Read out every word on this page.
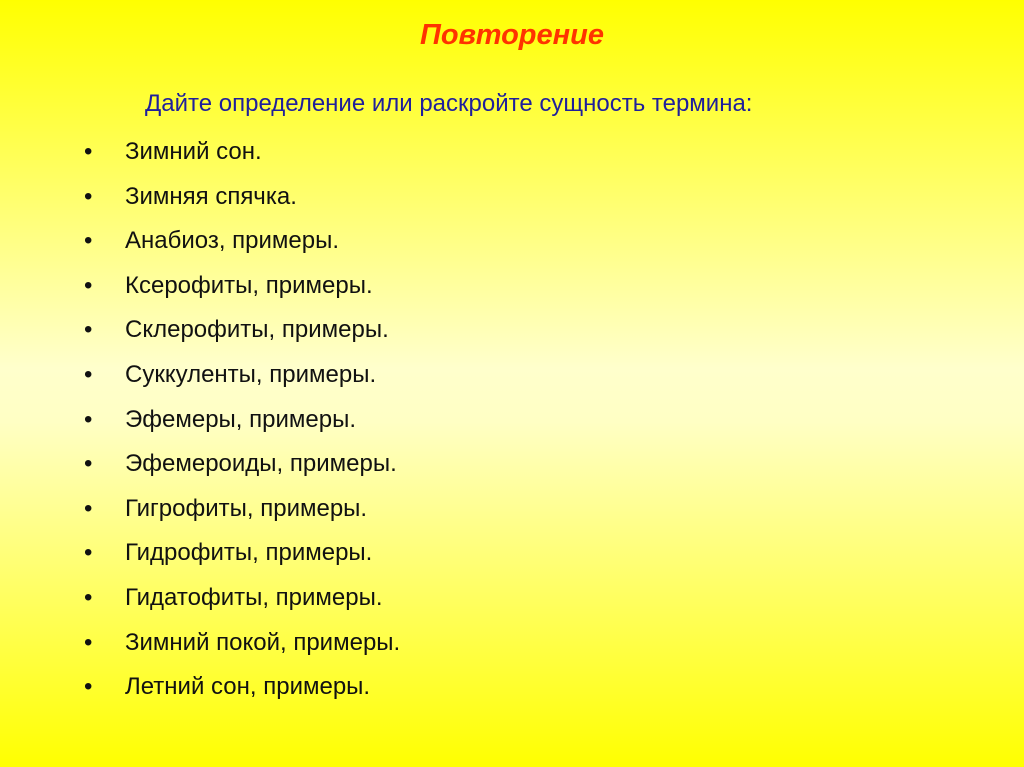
Повторение

Дайте определение или раскройте сущность термина:

•	Зимний сон.
•	Зимняя спячка.
•	Анабиоз, примеры.
•	Ксерофиты, примеры.
•	Склерофиты, примеры.
•	Суккуленты, примеры.
•	Эфемеры, примеры.
•	Эфемероиды, примеры.
•	Гигрофиты, примеры.
•	Гидрофиты, примеры.
•	Гидатофиты, примеры.
•	Зимний покой, примеры.
•	Летний сон, примеры.
